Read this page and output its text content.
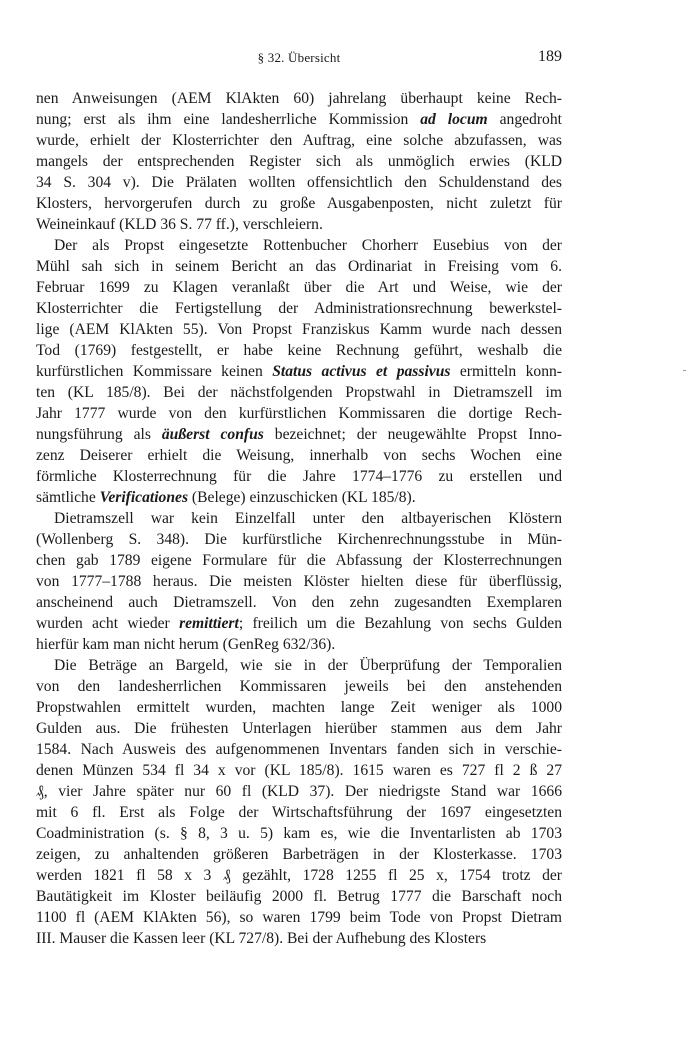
§ 32. Übersicht	189
nen Anweisungen (AEM KlAkten 60) jahrelang überhaupt keine Rech-
nung; erst als ihm eine landesherrliche Kommission ad locum angedroht
wurde, erhielt der Klosterrichter den Auftrag, eine solche abzufassen, was
mangels der entsprechenden Register sich als unmöglich erwies (KLD
34 S. 304 v). Die Prälaten wollten offensichtlich den Schuldenstand des
Klosters, hervorgerufen durch zu große Ausgabenposten, nicht zuletzt für
Weineinkauf (KLD 36 S. 77 ff.), verschleiern.
Der als Propst eingesetzte Rottenbucher Chorherr Eusebius von der
Mühl sah sich in seinem Bericht an das Ordinariat in Freising vom 6.
Februar 1699 zu Klagen veranlaßt über die Art und Weise, wie der
Klosterrichter die Fertigstellung der Administrationsrechnung bewerkstel-
lige (AEM KlAkten 55). Von Propst Franziskus Kamm wurde nach dessen
Tod (1769) festgestellt, er habe keine Rechnung geführt, weshalb die
kurfürstlichen Kommissare keinen Status activus et passivus ermitteln konn-
ten (KL 185/8). Bei der nächstfolgenden Propstwahl in Dietramszell im
Jahr 1777 wurde von den kurfürstlichen Kommissaren die dortige Rech-
nungsführung als äußerst confus bezeichnet; der neugewählte Propst Inno-
zenz Deiserer erhielt die Weisung, innerhalb von sechs Wochen eine
förmliche Klosterrechnung für die Jahre 1774–1776 zu erstellen und
sämtliche Verificationes (Belege) einzuschicken (KL 185/8).
Dietramszell war kein Einzelfall unter den altbayerischen Klöstern
(Wollenberg S. 348). Die kurfürstliche Kirchenrechnungsstube in Mün-
chen gab 1789 eigene Formulare für die Abfassung der Klosterrechnungen
von 1777–1788 heraus. Die meisten Klöster hielten diese für überflüssig,
anscheinend auch Dietramszell. Von den zehn zugesandten Exemplaren
wurden acht wieder remittiert; freilich um die Bezahlung von sechs Gulden
hierfür kam man nicht herum (GenReg 632/36).
Die Beträge an Bargeld, wie sie in der Überprüfung der Temporalien
von den landesherrlichen Kommissaren jeweils bei den anstehenden
Propstwahlen ermittelt wurden, machten lange Zeit weniger als 1000
Gulden aus. Die frühesten Unterlagen hierüber stammen aus dem Jahr
1584. Nach Ausweis des aufgenommenen Inventars fanden sich in verschie-
denen Münzen 534 fl 34 x vor (KL 185/8). 1615 waren es 727 fl 2 ß 27
₰, vier Jahre später nur 60 fl (KLD 37). Der niedrigste Stand war 1666
mit 6 fl. Erst als Folge der Wirtschaftsführung der 1697 eingesetzten
Coadministration (s. § 8, 3 u. 5) kam es, wie die Inventarlisten ab 1703
zeigen, zu anhaltenden größeren Barbeträgen in der Klosterkasse. 1703
werden 1821 fl 58 x 3 ₰ gezählt, 1728 1255 fl 25 x, 1754 trotz der
Bautätigkeit im Kloster beiläufig 2000 fl. Betrug 1777 die Barschaft noch
1100 fl (AEM KlAkten 56), so waren 1799 beim Tode von Propst Dietram
III. Mauser die Kassen leer (KL 727/8). Bei der Aufhebung des Klosters
